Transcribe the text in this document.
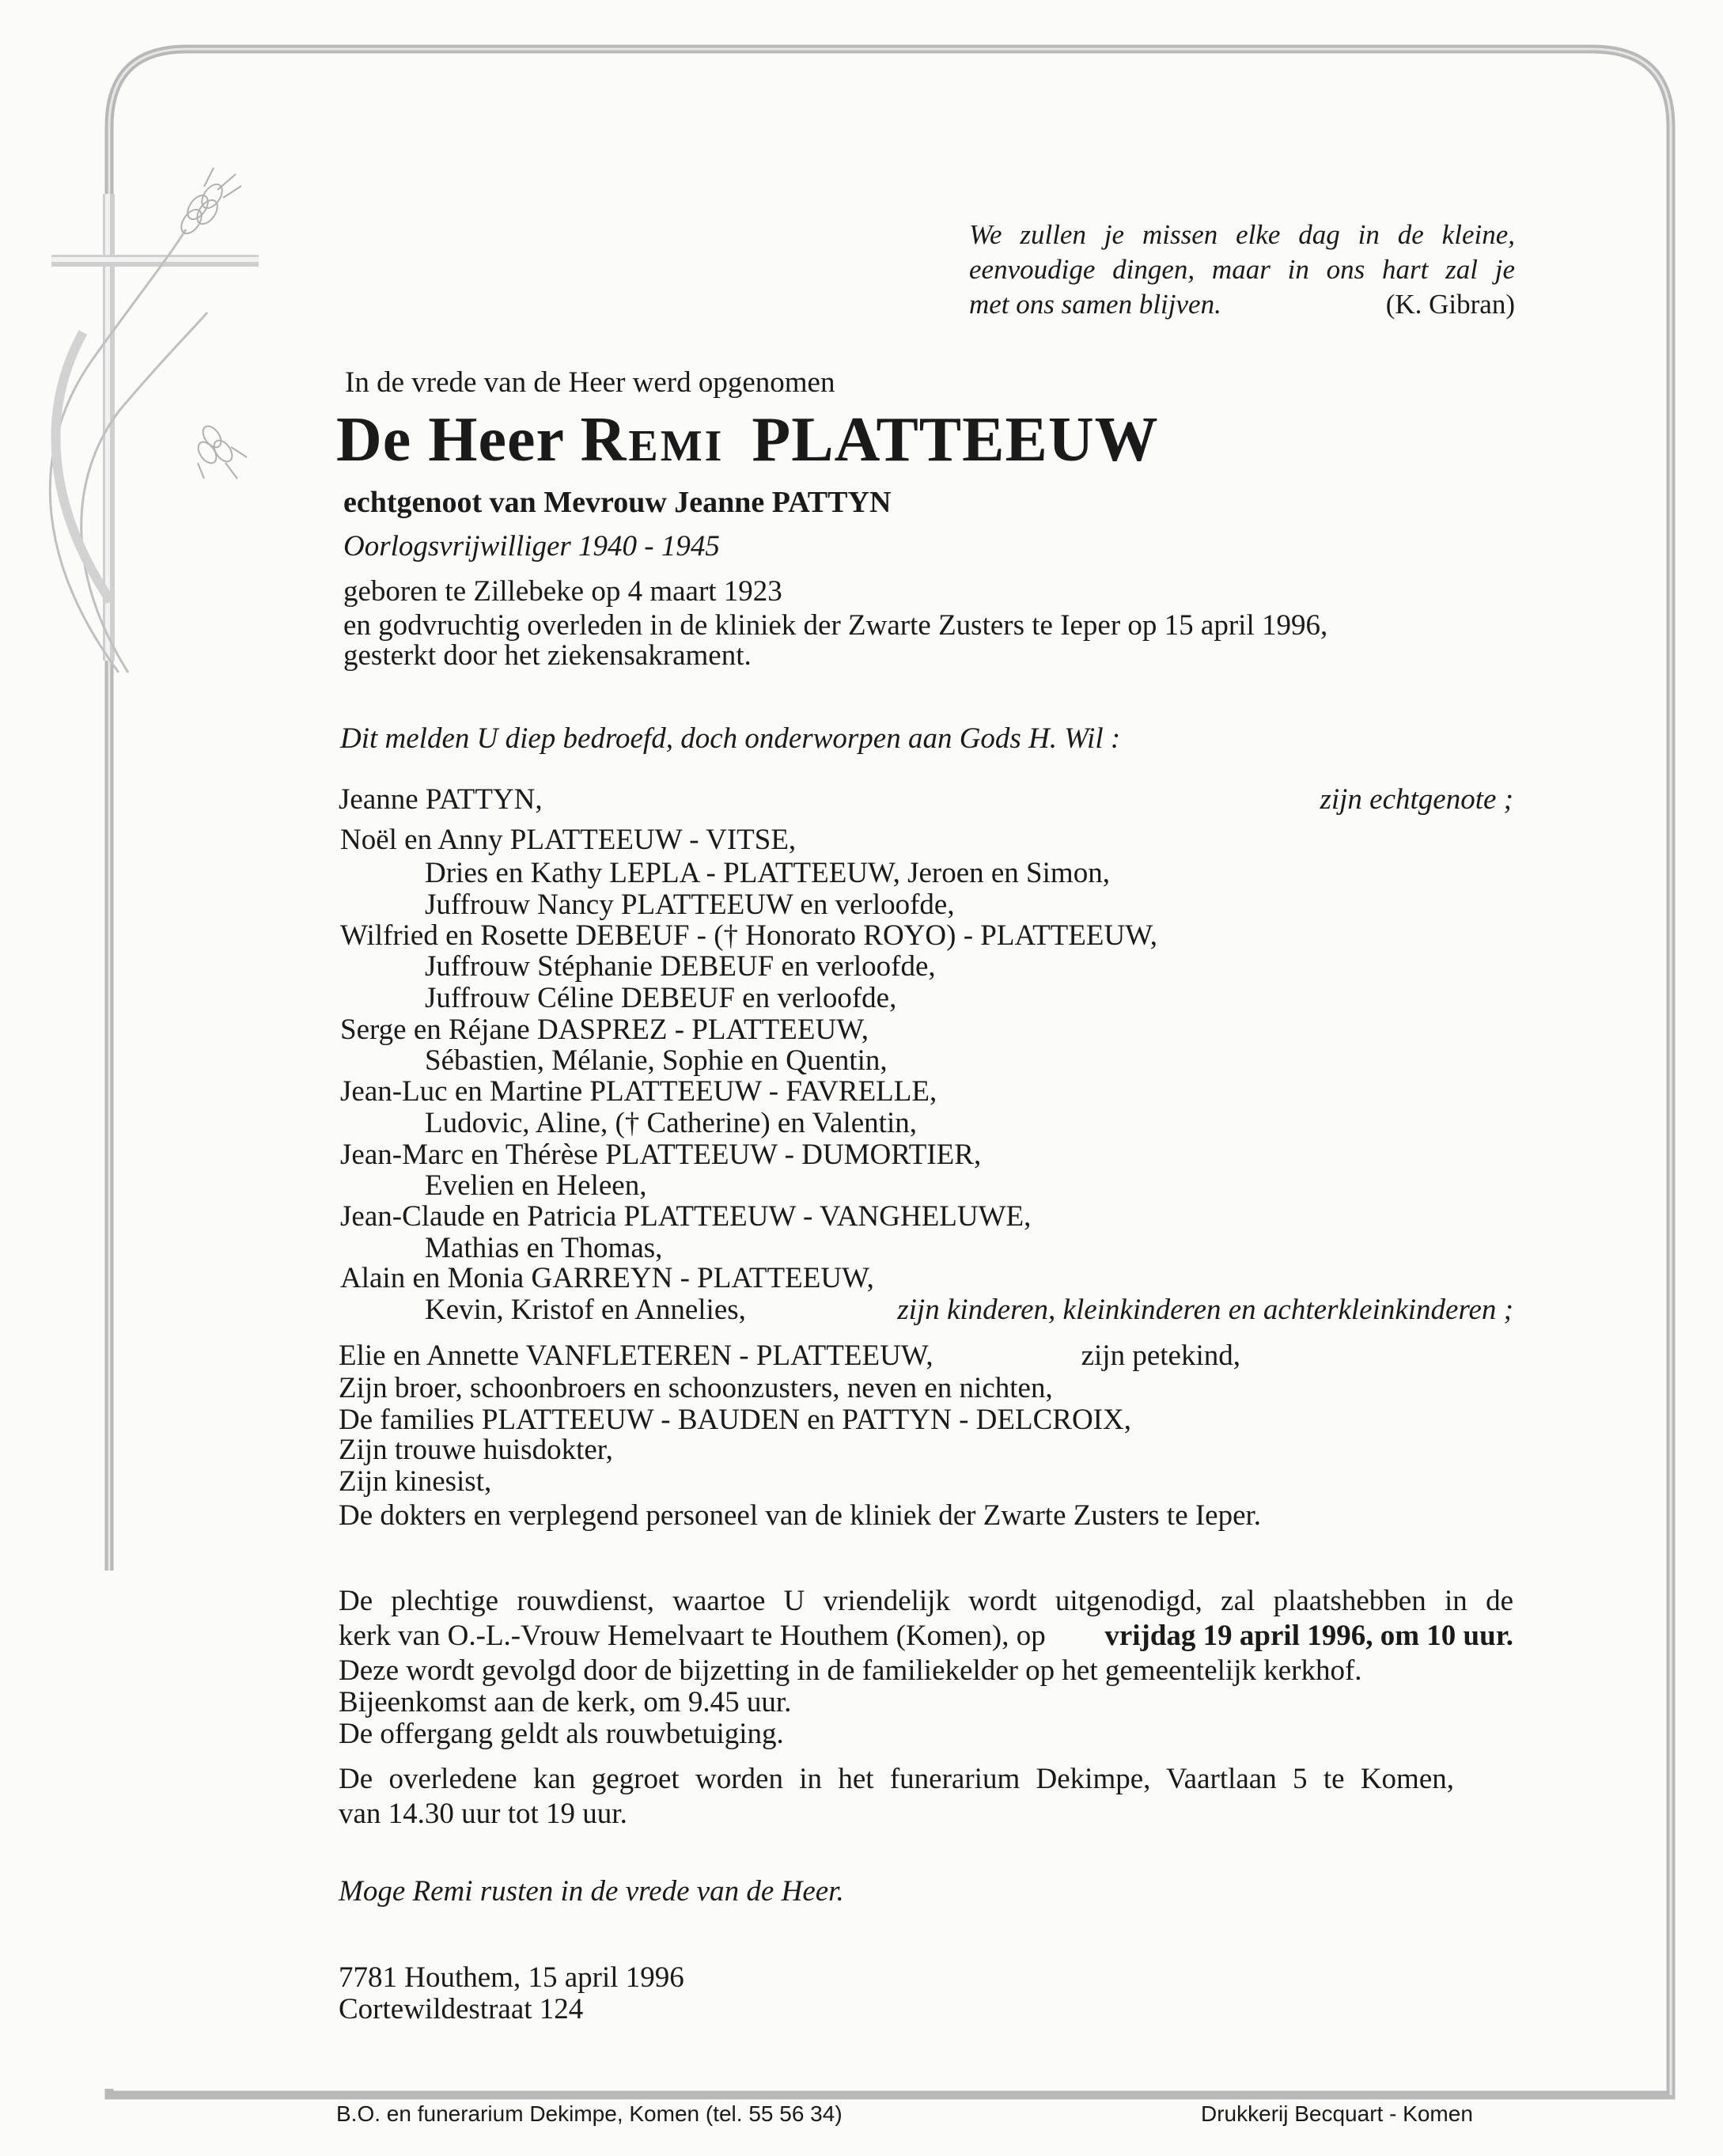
We zullen je missen elke dag in de kleine,
eenvoudige dingen, maar in ons hart zal je
met ons samen blijven.	(K. Gibran)

In de vrede van de Heer werd opgenomen

De Heer Remi PLATTEEUW

echtgenoot van Mevrouw Jeanne PATTYN

Oorlogsvrijwilliger 1940 - 1945

geboren te Zillebeke op 4 maart 1923

en godvruchtig overleden in de kliniek der Zwarte Zusters te Ieper op 15 april 1996,

gesterkt door het ziekensakrament.

Dit melden U diep bedroefd, doch onderworpen aan Gods H. Wil :

Jeanne PATTYN,	zijn echtgenote ;

Noël en Anny PLATTEEUW - VITSE,

Dries en Kathy LEPLA - PLATTEEUW, Jeroen en Simon,

Juffrouw Nancy PLATTEEUW en verloofde,

Wilfried en Rosette DEBEUF - († Honorato ROYO) - PLATTEEUW,

Juffrouw Stéphanie DEBEUF en verloofde,

Juffrouw Céline DEBEUF en verloofde,

Serge en Réjane DASPREZ - PLATTEEUW,

Sébastien, Mélanie, Sophie en Quentin,

Jean-Luc en Martine PLATTEEUW - FAVRELLE,

Ludovic, Aline, († Catherine) en Valentin,

Jean-Marc en Thérèse PLATTEEUW - DUMORTIER,

Evelien en Heleen,

Jean-Claude en Patricia PLATTEEUW - VANGHELUWE,

Mathias en Thomas,

Alain en Monia GARREYN - PLATTEEUW,

Kevin, Kristof en Annelies,	zijn kinderen, kleinkinderen en achterkleinkinderen ;
Elie en Annette VANFLETEREN - PLATTEEUW,	zijn petekind,

Zijn broer, schoonbroers en schoonzusters, neven en nichten,

De families PLATTEEUW - BAUDEN en PATTYN - DELCROIX,

Zijn trouwe huisdokter,

Zijn kinesist,

De dokters en verplegend personeel van de kliniek der Zwarte Zusters te Ieper.

De plechtige rouwdienst, waartoe U vriendelijk wordt uitgenodigd, zal plaatshebben in de
kerk van O.-L.-Vrouw Hemelvaart te Houthem (Komen), op vrijdag 19 april 1996, om 10 uur.
Deze wordt gevolgd door de bijzetting in de familiekelder op het gemeentelijk kerkhof.

Bijeenkomst aan de kerk, om 9.45 uur.

De offergang geldt als rouwbetuiging.

De overledene kan gegroet worden in het funerarium Dekimpe, Vaartlaan 5 te Komen,
van 14.30 uur tot 19 uur.

Moge Remi rusten in de vrede van de Heer.

7781 Houthem, 15 april 1996

Cortewildestraat 124

B.O. en funerarium Dekimpe, Komen (tel. 55 56 34)	Drukkerij Becquart - Komen
